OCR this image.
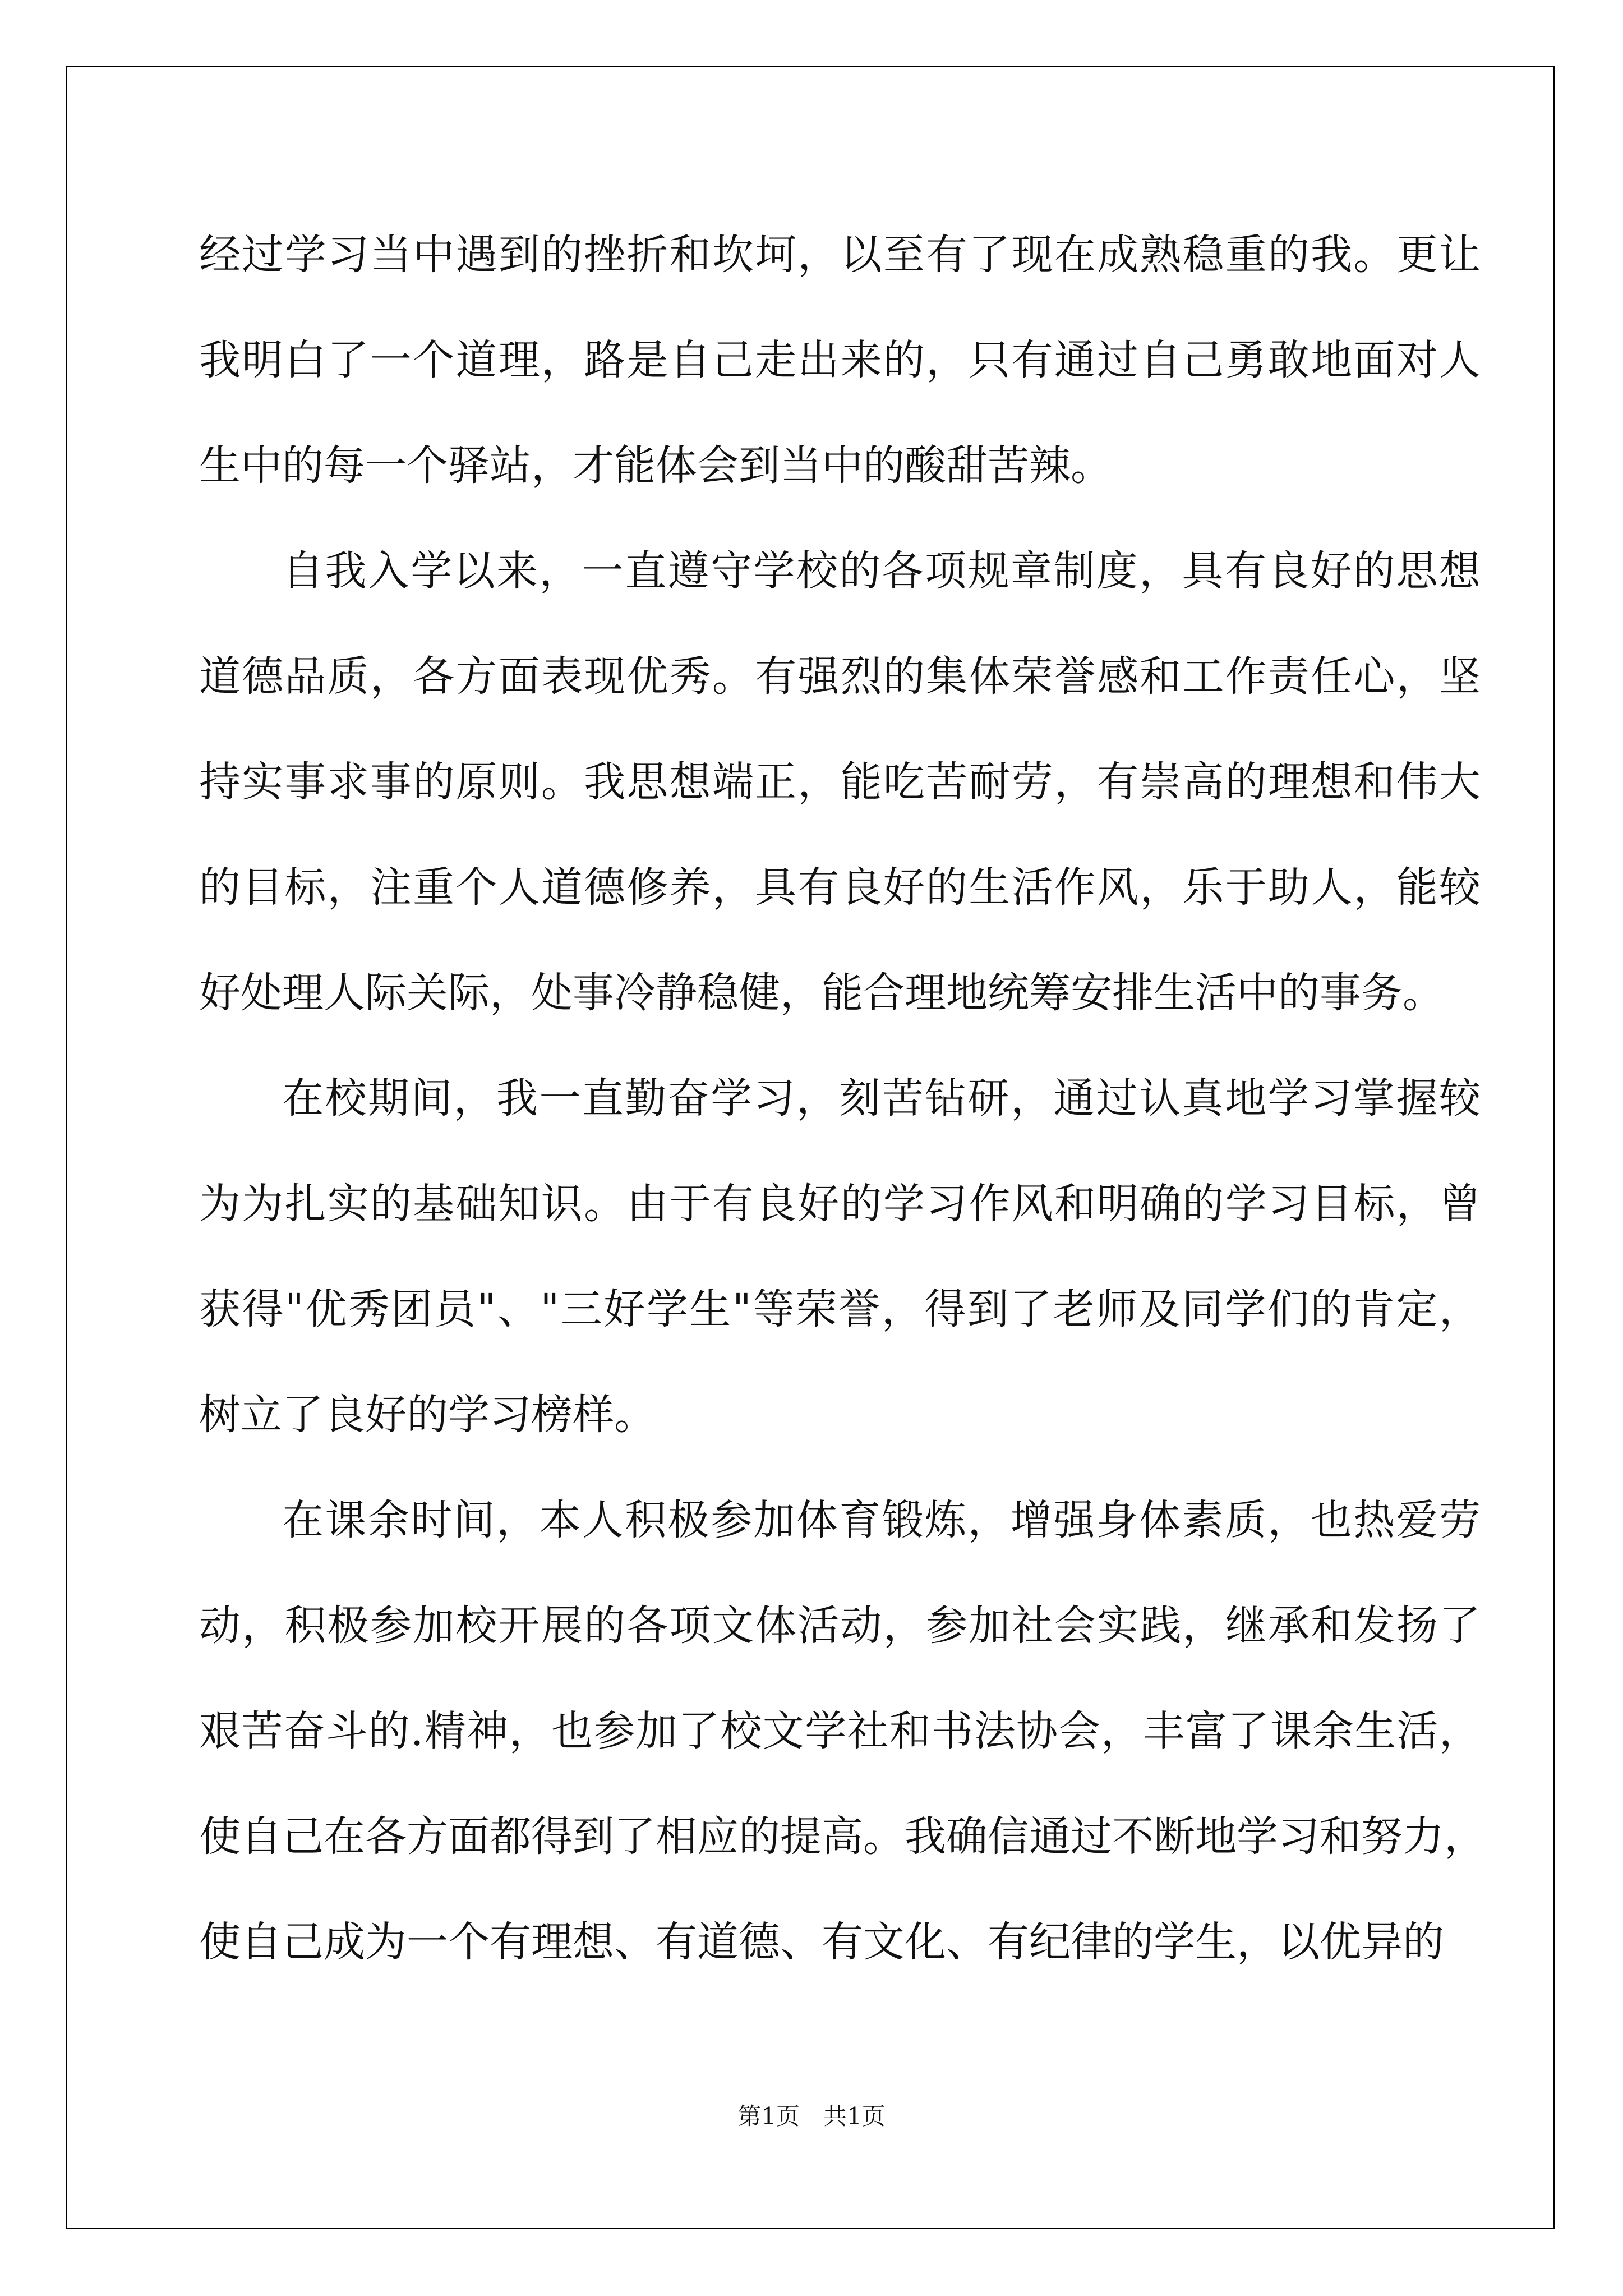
经过学习当中遇到的挫折和坎坷，以至有了现在成熟稳重的我。更让
我明白了一个道理，路是自己走出来的，只有通过自己勇敢地面对人
生中的每一个驿站，才能体会到当中的酸甜苦辣。
自我入学以来，一直遵守学校的各项规章制度，具有良好的思想
道德品质，各方面表现优秀。有强烈的集体荣誉感和工作责任心，坚
持实事求事的原则。我思想端正，能吃苦耐劳，有崇高的理想和伟大
的目标，注重个人道德修养，具有良好的生活作风，乐于助人，能较
好处理人际关际，处事冷静稳健，能合理地统筹安排生活中的事务。
在校期间，我一直勤奋学习，刻苦钻研，通过认真地学习掌握较
为为扎实的基础知识。由于有良好的学习作风和明确的学习目标，曾
获得"优秀团员"、"三好学生"等荣誉，得到了老师及同学们的肯定，
树立了良好的学习榜样。
在课余时间，本人积极参加体育锻炼，增强身体素质，也热爱劳
动，积极参加校开展的各项文体活动，参加社会实践，继承和发扬了
艰苦奋斗的.精神，也参加了校文学社和书法协会，丰富了课余生活，
使自己在各方面都得到了相应的提高。我确信通过不断地学习和努力，
使自己成为一个有理想、有道德、有文化、有纪律的学生，以优异的
第1页　共1页
